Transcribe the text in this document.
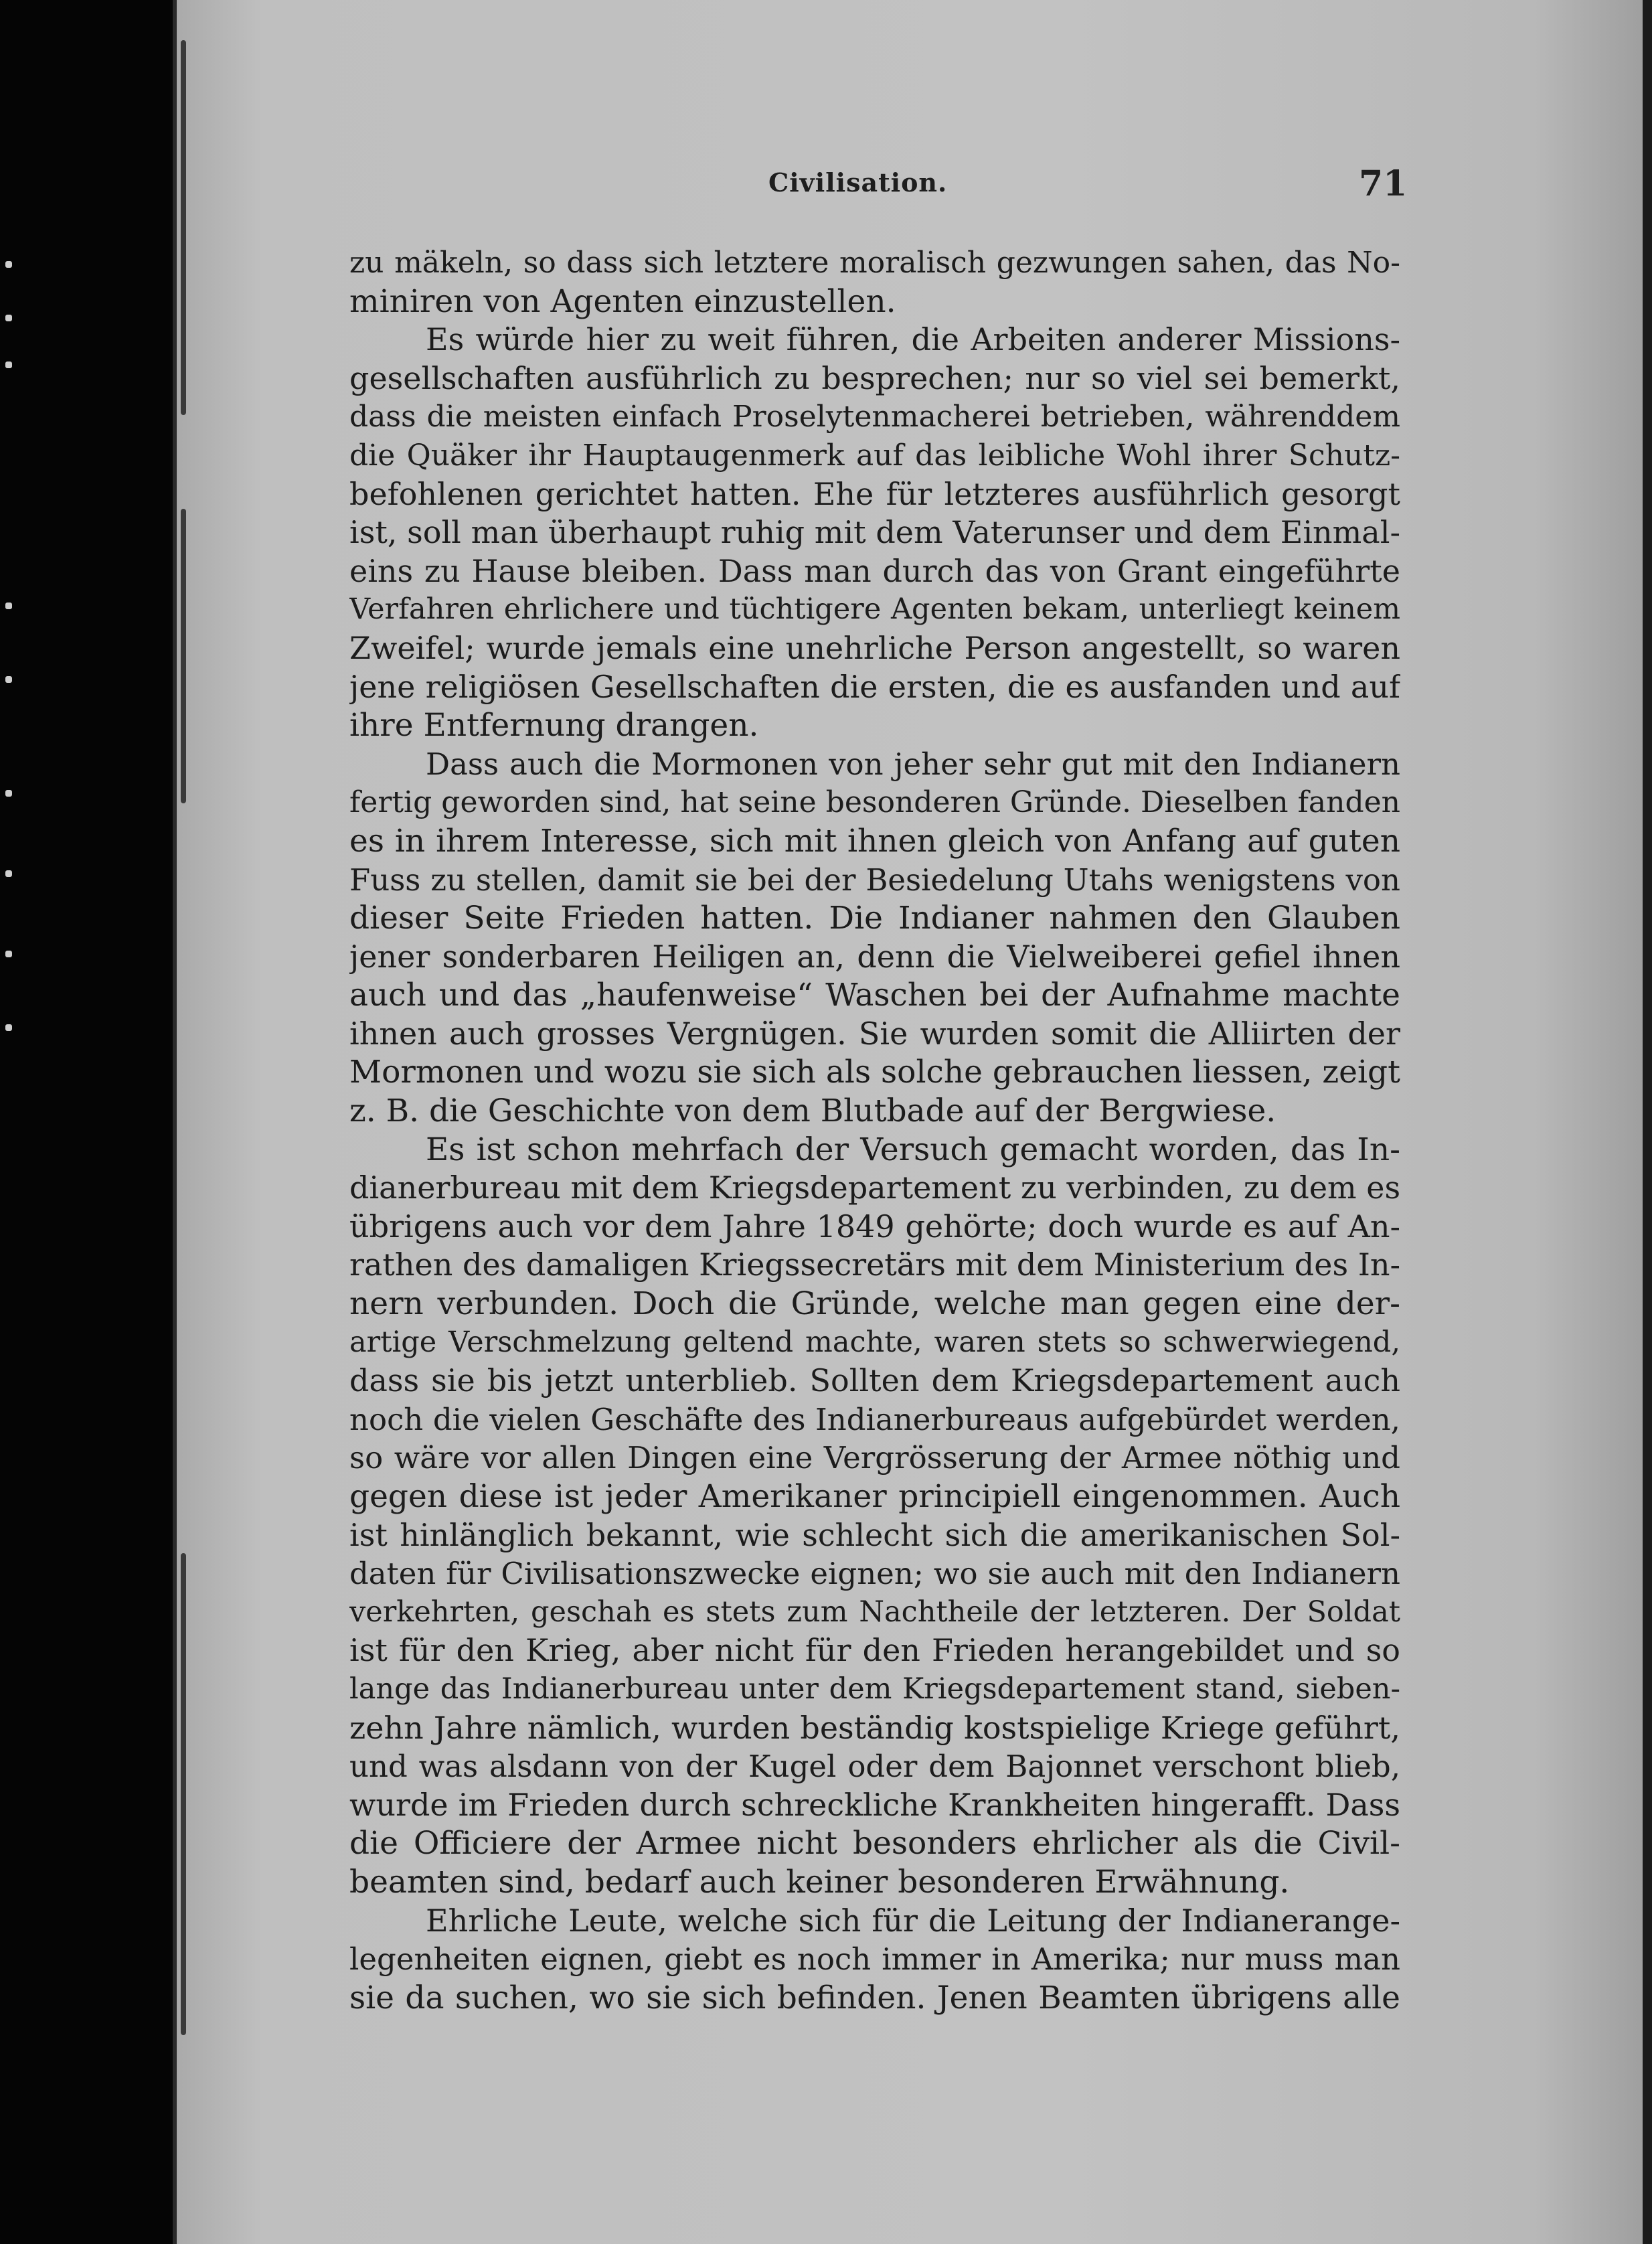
Civilisation.	71
zu mäkeln, so dass sich letztere moralisch gezwungen sahen, das No-
miniren von Agenten einzustellen.
Es würde hier zu weit führen, die Arbeiten anderer Missions-
gesellschaften ausführlich zu besprechen; nur so viel sei bemerkt,
dass die meisten einfach Proselytenmacherei betrieben, währenddem
die Quäker ihr Hauptaugenmerk auf das leibliche Wohl ihrer Schutz-
befohlenen gerichtet hatten. Ehe für letzteres ausführlich gesorgt
ist, soll man überhaupt ruhig mit dem Vaterunser und dem Einmal-
eins zu Hause bleiben. Dass man durch das von Grant eingeführte
Verfahren ehrlichere und tüchtigere Agenten bekam, unterliegt keinem
Zweifel; wurde jemals eine unehrliche Person angestellt, so waren
jene religiösen Gesellschaften die ersten, die es ausfanden und auf
ihre Entfernung drangen.
Dass auch die Mormonen von jeher sehr gut mit den Indianern
fertig geworden sind, hat seine besonderen Gründe. Dieselben fanden
es in ihrem Interesse, sich mit ihnen gleich von Anfang auf guten
Fuss zu stellen, damit sie bei der Besiedelung Utahs wenigstens von
dieser Seite Frieden hatten. Die Indianer nahmen den Glauben
jener sonderbaren Heiligen an, denn die Vielweiberei gefiel ihnen
auch und das „haufenweise“ Waschen bei der Aufnahme machte
ihnen auch grosses Vergnügen. Sie wurden somit die Alliirten der
Mormonen und wozu sie sich als solche gebrauchen liessen, zeigt
z. B. die Geschichte von dem Blutbade auf der Bergwiese.
Es ist schon mehrfach der Versuch gemacht worden, das In-
dianerbureau mit dem Kriegsdepartement zu verbinden, zu dem es
übrigens auch vor dem Jahre 1849 gehörte; doch wurde es auf An-
rathen des damaligen Kriegssecretärs mit dem Ministerium des In-
nern verbunden. Doch die Gründe, welche man gegen eine der-
artige Verschmelzung geltend machte, waren stets so schwerwiegend,
dass sie bis jetzt unterblieb. Sollten dem Kriegsdepartement auch
noch die vielen Geschäfte des Indianerbureaus aufgebürdet werden,
so wäre vor allen Dingen eine Vergrösserung der Armee nöthig und
gegen diese ist jeder Amerikaner principiell eingenommen. Auch
ist hinlänglich bekannt, wie schlecht sich die amerikanischen Sol-
daten für Civilisationszwecke eignen; wo sie auch mit den Indianern
verkehrten, geschah es stets zum Nachtheile der letzteren. Der Soldat
ist für den Krieg, aber nicht für den Frieden herangebildet und so
lange das Indianerbureau unter dem Kriegsdepartement stand, sieben-
zehn Jahre nämlich, wurden beständig kostspielige Kriege geführt,
und was alsdann von der Kugel oder dem Bajonnet verschont blieb,
wurde im Frieden durch schreckliche Krankheiten hingerafft. Dass
die Officiere der Armee nicht besonders ehrlicher als die Civil-
beamten sind, bedarf auch keiner besonderen Erwähnung.
Ehrliche Leute, welche sich für die Leitung der Indianerange-
legenheiten eignen, giebt es noch immer in Amerika; nur muss man
sie da suchen, wo sie sich befinden. Jenen Beamten übrigens alle
